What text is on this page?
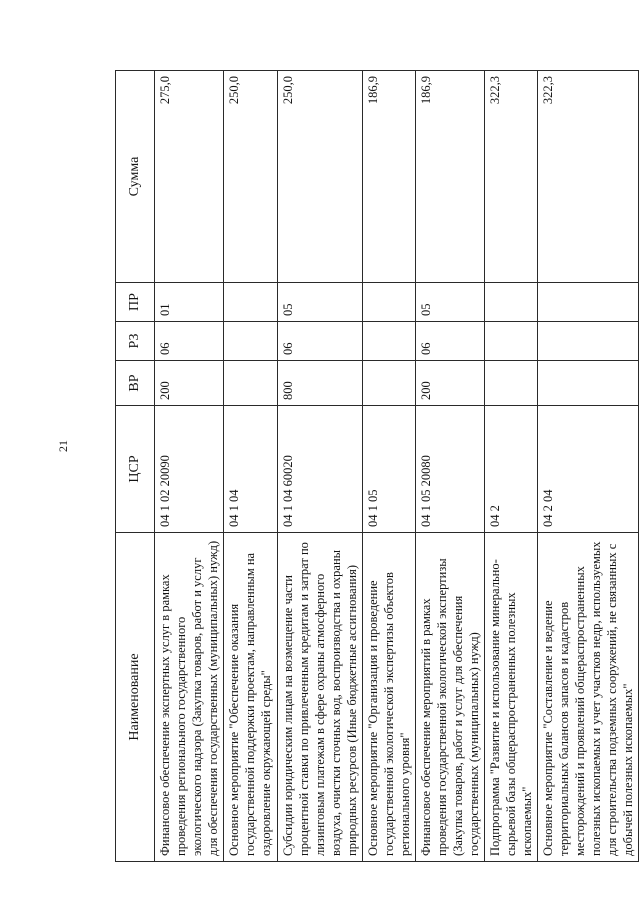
21
Наименование	ЦСР	ВР	РЗ	ПР	Сумма
Финансовое обеспечение экспертных услуг в рамках проведения регионального государственного экологического надзора (Закупка товаров, работ и услуг для обеспечения государственных (муниципальных) нужд)	04 1 02 20090	200	06	01	275,0
Основное мероприятие "Обеспечение оказания государственной поддержки проектам, направленным на оздоровление окружающей среды"	04 1 04				250,0
Субсидии юридическим лицам на возмещение части процентной ставки по привлеченным кредитам и затрат по лизинговым платежам в сфере охраны атмосферного воздуха, очистки сточных вод, воспроизводства и охраны природных ресурсов (Иные бюджетные ассигнования)	04 1 04 60020	800	06	05	250,0
Основное мероприятие "Организация и проведение государственной экологической экспертизы объектов регионального уровня"	04 1 05				186,9
Финансовое обеспечение мероприятий в рамках проведения государственной экологической экспертизы (Закупка товаров, работ и услуг для обеспечения государственных (муниципальных) нужд)	04 1 05 20080	200	06	05	186,9
Подпрограмма "Развитие и использование минерально-сырьевой базы общераспространенных полезных ископаемых"	04 2				322,3
Основное мероприятие "Составление и ведение территориальных балансов запасов и кадастров месторождений и проявлений общераспространенных полезных ископаемых и учет участков недр, используемых для строительства подземных сооружений, не связанных с добычей полезных ископаемых"	04 2 04				322,3
